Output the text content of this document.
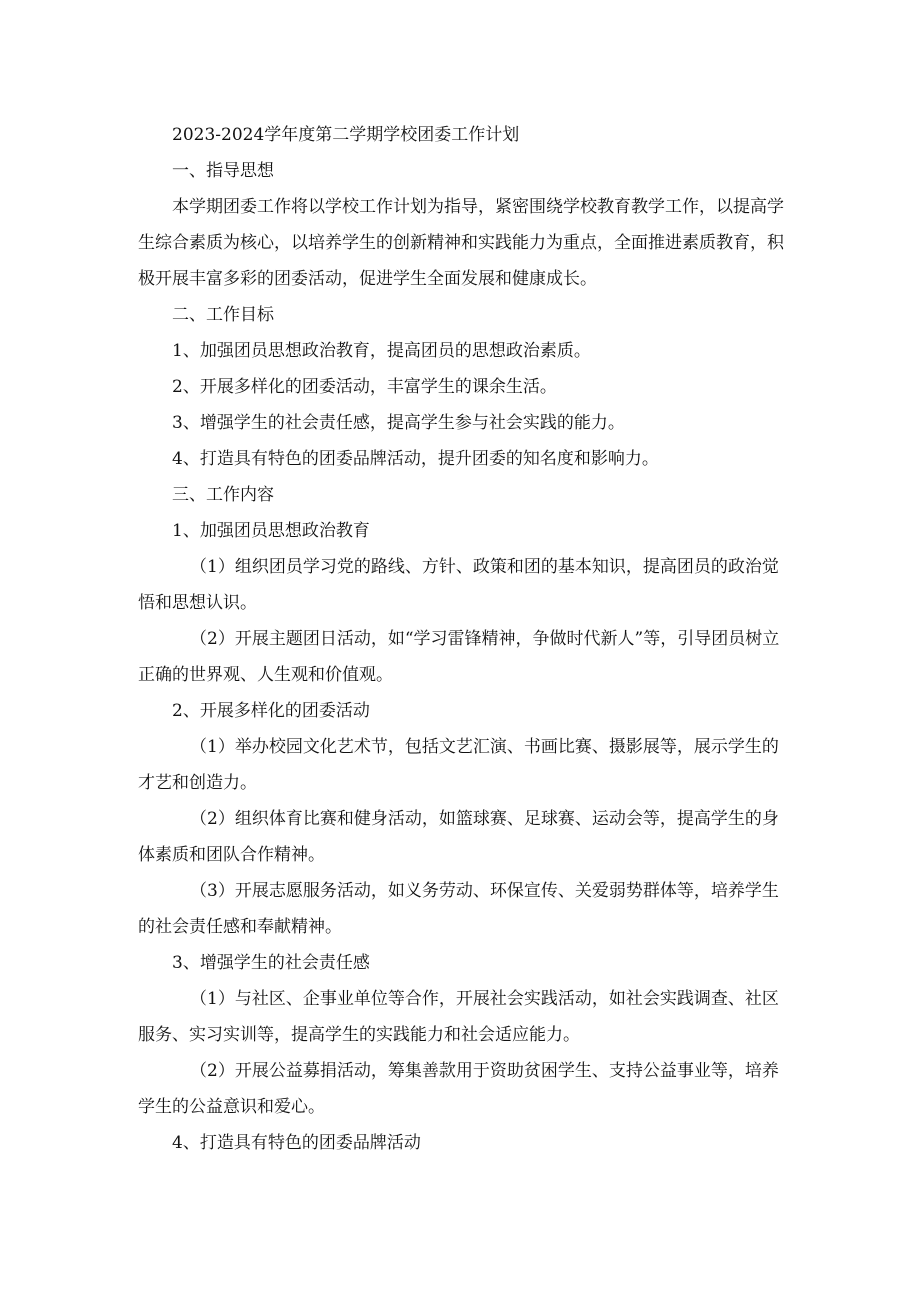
2023-2024学年度第二学期学校团委工作计划

一、指导思想

本学期团委工作将以学校工作计划为指导，紧密围绕学校教育教学工作，以提高学生综合素质为核心，以培养学生的创新精神和实践能力为重点，全面推进素质教育，积极开展丰富多彩的团委活动，促进学生全面发展和健康成长。

二、工作目标

1、加强团员思想政治教育，提高团员的思想政治素质。

2、开展多样化的团委活动，丰富学生的课余生活。

3、增强学生的社会责任感，提高学生参与社会实践的能力。

4、打造具有特色的团委品牌活动，提升团委的知名度和影响力。

三、工作内容

1、加强团员思想政治教育

（1）组织团员学习党的路线、方针、政策和团的基本知识，提高团员的政治觉悟和思想认识。

（2）开展主题团日活动，如“学习雷锋精神，争做时代新人”等，引导团员树立正确的世界观、人生观和价值观。

2、开展多样化的团委活动

（1）举办校园文化艺术节，包括文艺汇演、书画比赛、摄影展等，展示学生的才艺和创造力。

（2）组织体育比赛和健身活动，如篮球赛、足球赛、运动会等，提高学生的身体素质和团队合作精神。

（3）开展志愿服务活动，如义务劳动、环保宣传、关爱弱势群体等，培养学生的社会责任感和奉献精神。

3、增强学生的社会责任感

（1）与社区、企事业单位等合作，开展社会实践活动，如社会实践调查、社区服务、实习实训等，提高学生的实践能力和社会适应能力。

（2）开展公益募捐活动，筹集善款用于资助贫困学生、支持公益事业等，培养学生的公益意识和爱心。

4、打造具有特色的团委品牌活动
